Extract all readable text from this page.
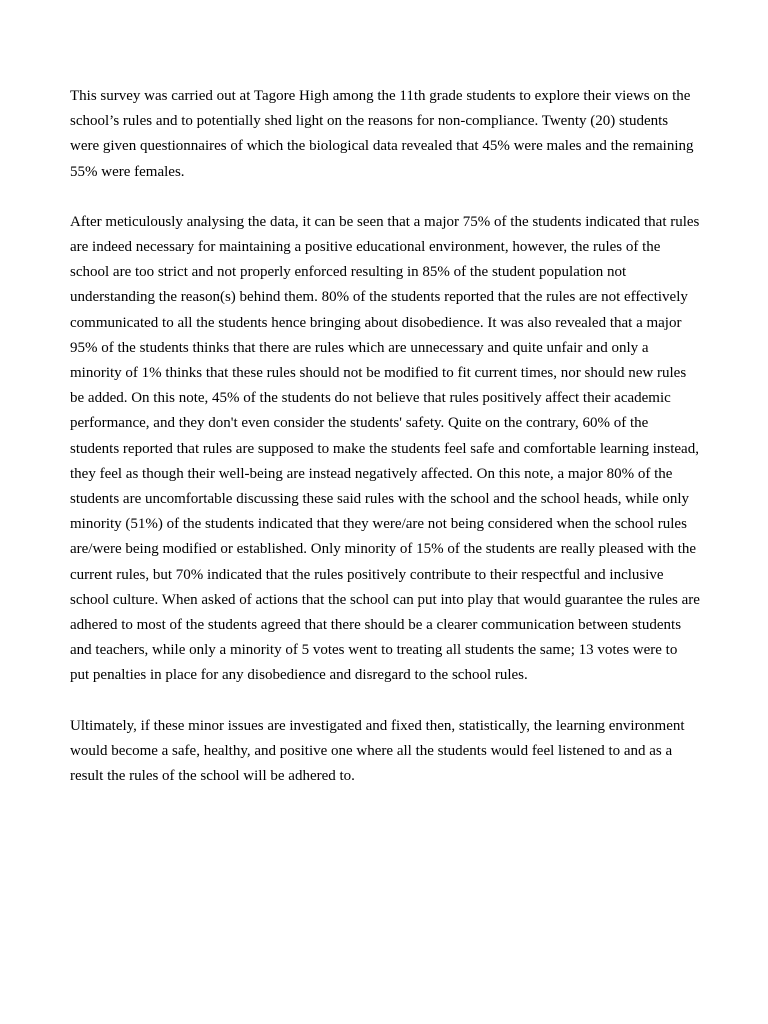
This survey was carried out at Tagore High among the 11th grade students to explore their views on the school’s rules and to potentially shed light on the reasons for non-compliance. Twenty (20) students were given questionnaires of which the biological data revealed that 45% were males and the remaining 55% were females.

After meticulously analysing the data, it can be seen that a major 75% of the students indicated that rules are indeed necessary for maintaining a positive educational environment, however, the rules of the school are too strict and not properly enforced resulting in 85% of the student population not understanding the reason(s) behind them. 80% of the students reported that the rules are not effectively communicated to all the students hence bringing about disobedience. It was also revealed that a major 95% of the students thinks that there are rules which are unnecessary and quite unfair and only a minority of 1% thinks that these rules should not be modified to fit current times, nor should new rules be added. On this note, 45% of the students do not believe that rules positively affect their academic performance, and they don't even consider the students' safety. Quite on the contrary, 60% of the students reported that rules are supposed to make the students feel safe and comfortable learning instead, they feel as though their well-being are instead negatively affected. On this note, a major 80% of the students are uncomfortable discussing these said rules with the school and the school heads, while only minority (51%) of the students indicated that they were/are not being considered when the school rules are/were being modified or established. Only minority of 15% of the students are really pleased with the current rules, but 70% indicated that the rules positively contribute to their respectful and inclusive school culture. When asked of actions that the school can put into play that would guarantee the rules are adhered to most of the students agreed that there should be a clearer communication between students and teachers, while only a minority of 5 votes went to treating all students the same; 13 votes were to put penalties in place for any disobedience and disregard to the school rules.

Ultimately, if these minor issues are investigated and fixed then, statistically, the learning environment would become a safe, healthy, and positive one where all the students would feel listened to and as a result the rules of the school will be adhered to.
